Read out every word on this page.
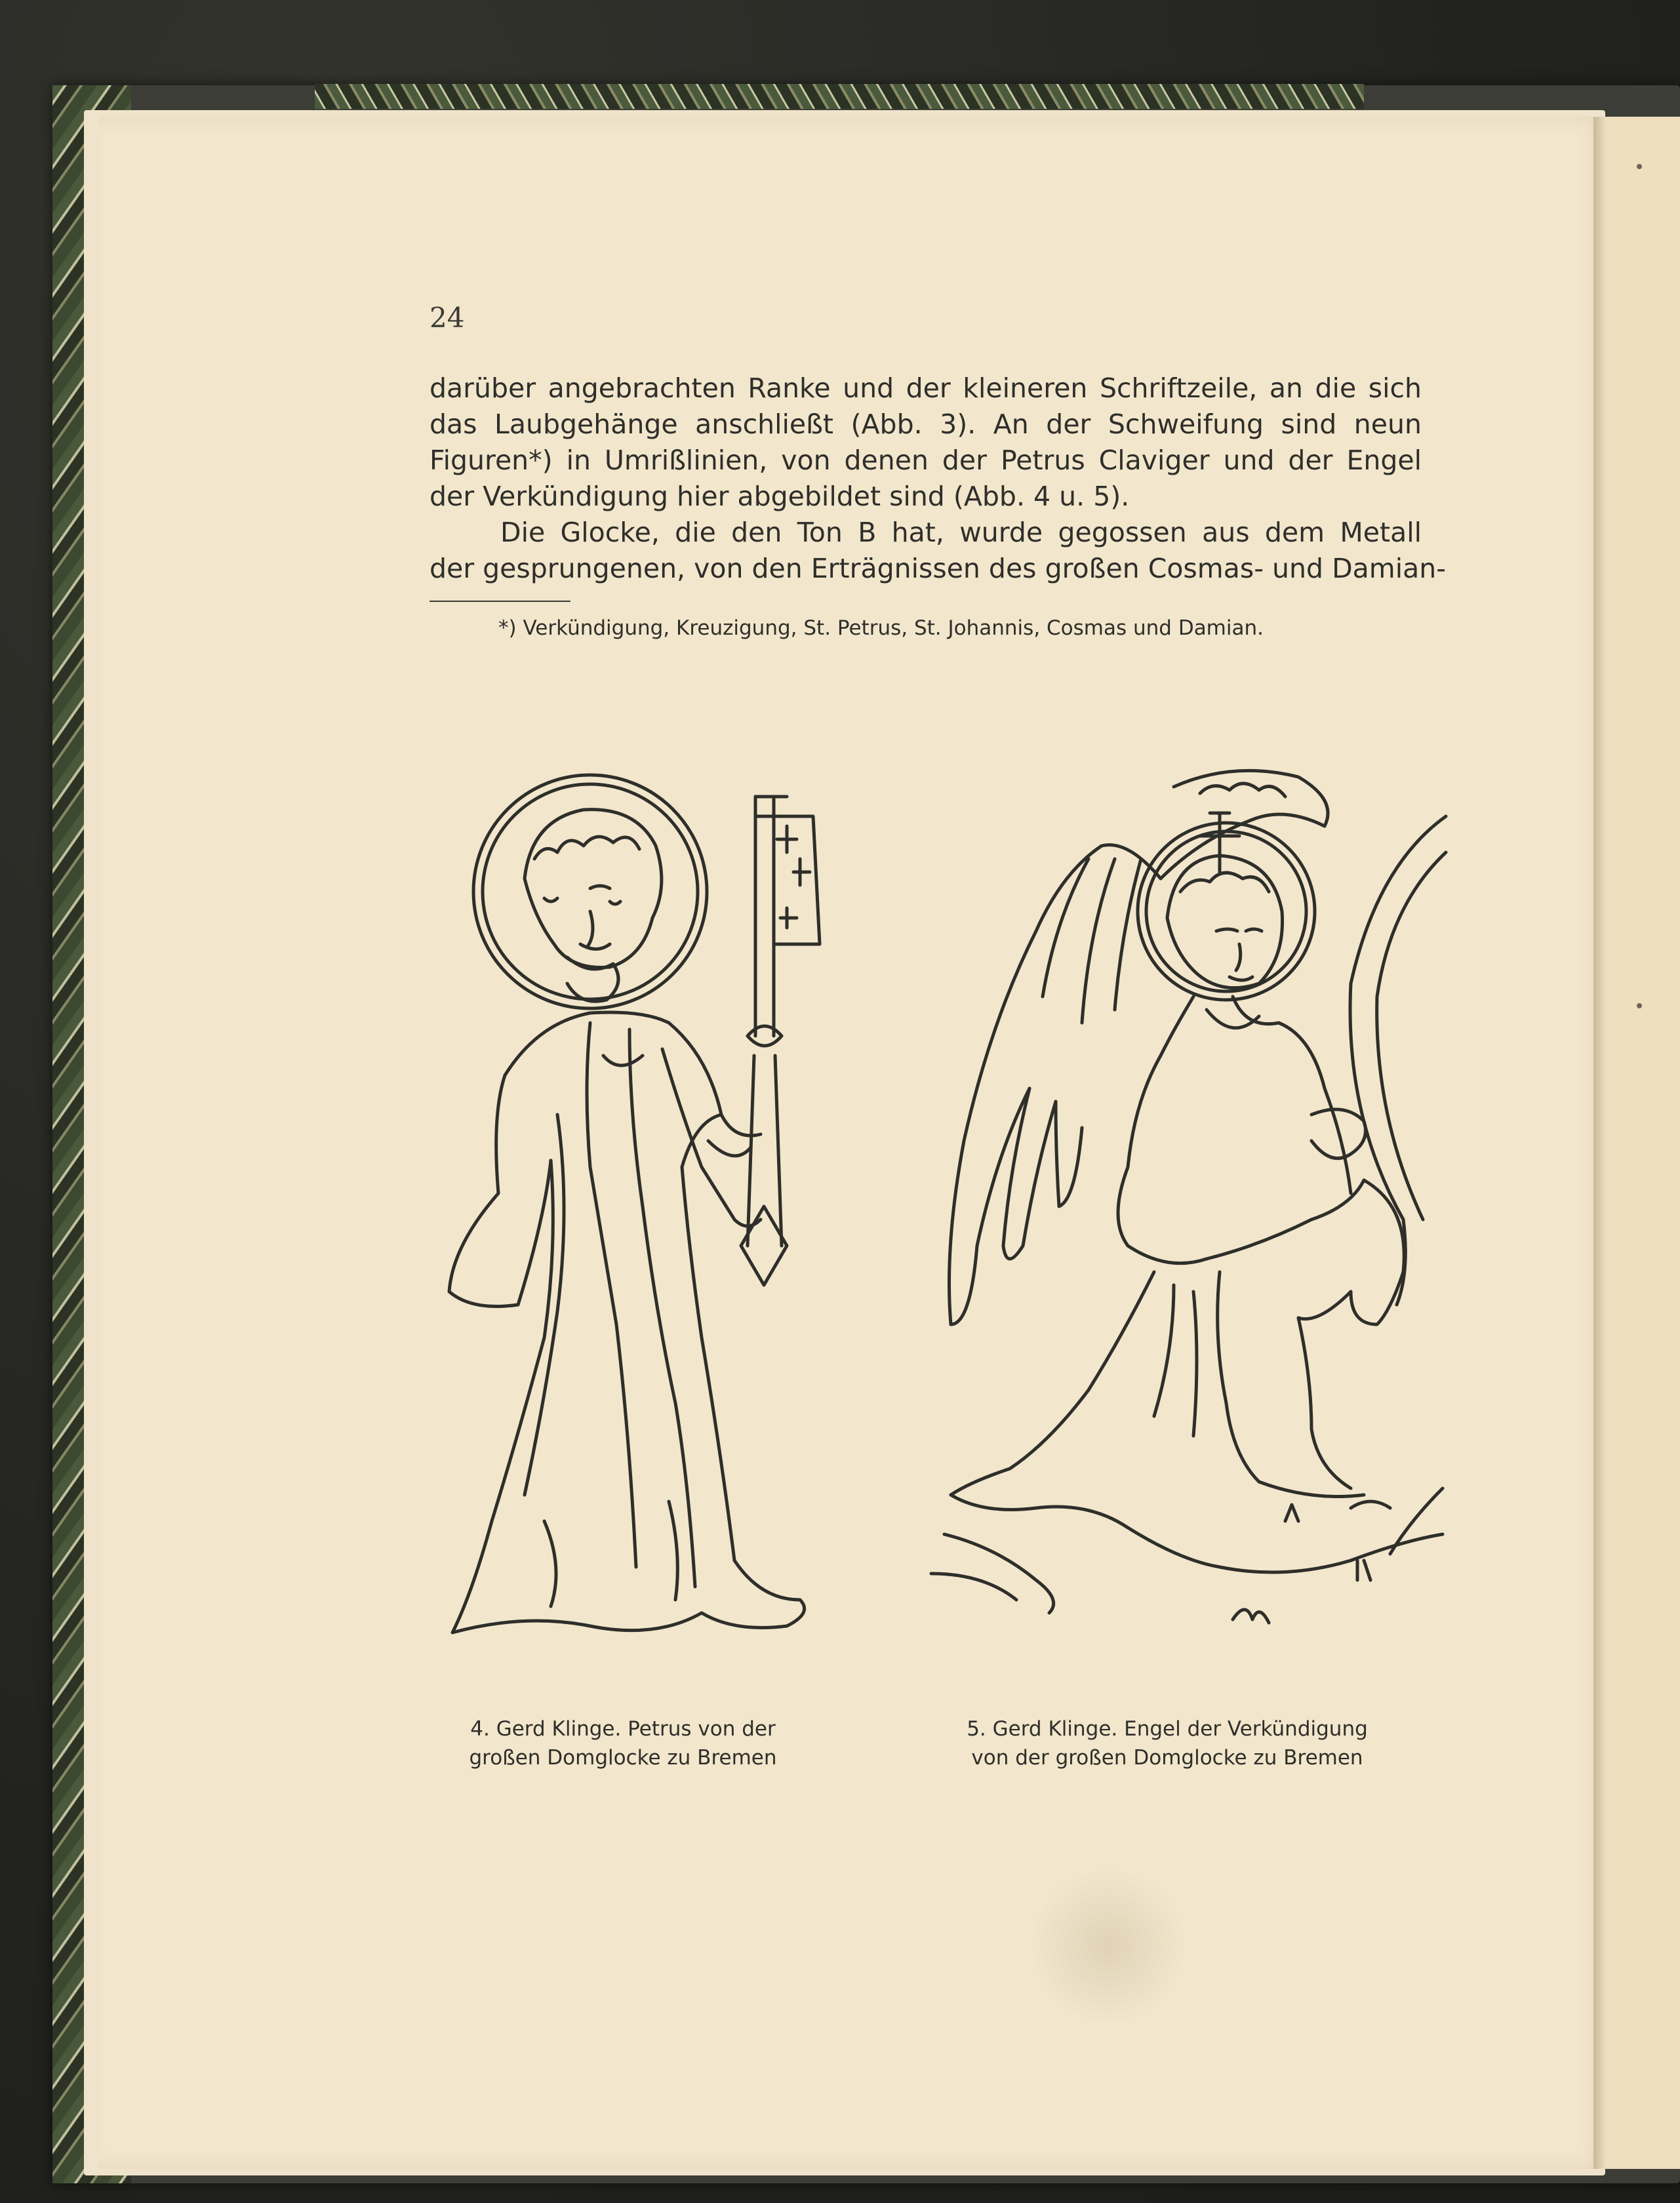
24

darüber angebrachten Ranke und der kleineren Schriftzeile, an die sich
das Laubgehänge anschließt (Abb. 3). An der Schweifung sind neun
Figuren*) in Umrißlinien, von denen der Petrus Claviger und der Engel
der Verkündigung hier abgebildet sind (Abb. 4 u. 5).
Die Glocke, die den Ton B hat, wurde gegossen aus dem Metall
der gesprungenen, von den Erträgnissen des großen Cosmas- und Damian-

*) Verkündigung, Kreuzigung, St. Petrus, St. Johannis, Cosmas und Damian.

4. Gerd Klinge. Petrus von der
großen Domglocke zu Bremen

5. Gerd Klinge. Engel der Verkündigung
von der großen Domglocke zu Bremen
